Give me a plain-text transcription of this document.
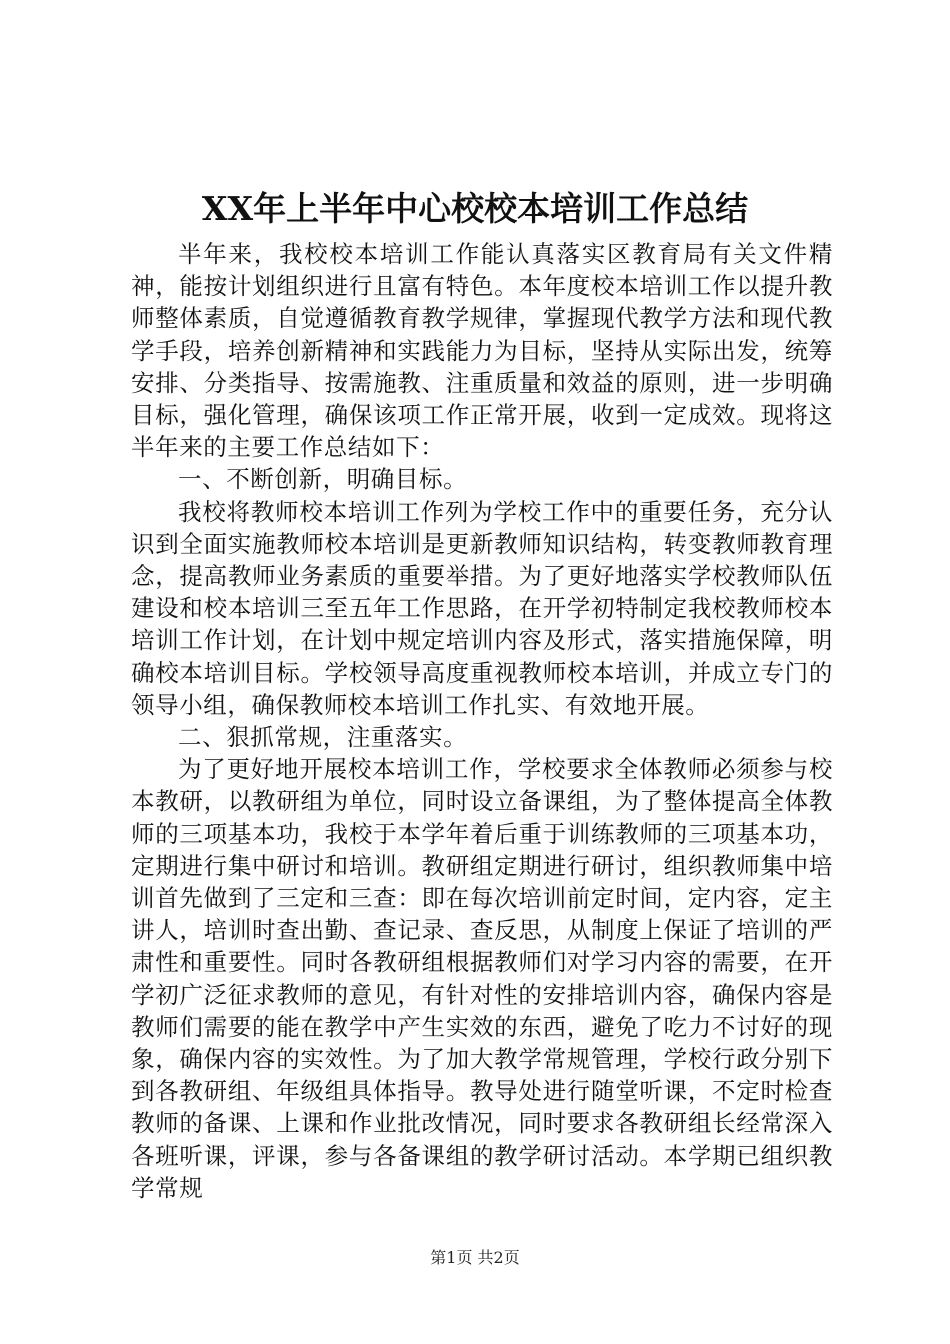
XX年上半年中心校校本培训工作总结

半年来，我校校本培训工作能认真落实区教育局有关文件精神，能按计划组织进行且富有特色。本年度校本培训工作以提升教师整体素质，自觉遵循教育教学规律，掌握现代教学方法和现代教学手段，培养创新精神和实践能力为目标，坚持从实际出发，统筹安排、分类指导、按需施教、注重质量和效益的原则，进一步明确目标，强化管理，确保该项工作正常开展，收到一定成效。现将这半年来的主要工作总结如下：

一、不断创新，明确目标。

我校将教师校本培训工作列为学校工作中的重要任务，充分认识到全面实施教师校本培训是更新教师知识结构，转变教师教育理念，提高教师业务素质的重要举措。为了更好地落实学校教师队伍建设和校本培训三至五年工作思路，在开学初特制定我校教师校本培训工作计划，在计划中规定培训内容及形式，落实措施保障，明确校本培训目标。学校领导高度重视教师校本培训，并成立专门的领导小组，确保教师校本培训工作扎实、有效地开展。

二、狠抓常规，注重落实。

为了更好地开展校本培训工作，学校要求全体教师必须参与校本教研，以教研组为单位，同时设立备课组，为了整体提高全体教师的三项基本功，我校于本学年着后重于训练教师的三项基本功，定期进行集中研讨和培训。教研组定期进行研讨，组织教师集中培训首先做到了三定和三查：即在每次培训前定时间，定内容，定主讲人，培训时查出勤、查记录、查反思，从制度上保证了培训的严肃性和重要性。同时各教研组根据教师们对学习内容的需要，在开学初广泛征求教师的意见，有针对性的安排培训内容，确保内容是教师们需要的能在教学中产生实效的东西，避免了吃力不讨好的现象，确保内容的实效性。为了加大教学常规管理，学校行政分别下到各教研组、年级组具体指导。教导处进行随堂听课，不定时检查教师的备课、上课和作业批改情况，同时要求各教研组长经常深入各班听课，评课，参与各备课组的教学研讨活动。本学期已组织教学常规

第1页 共2页
